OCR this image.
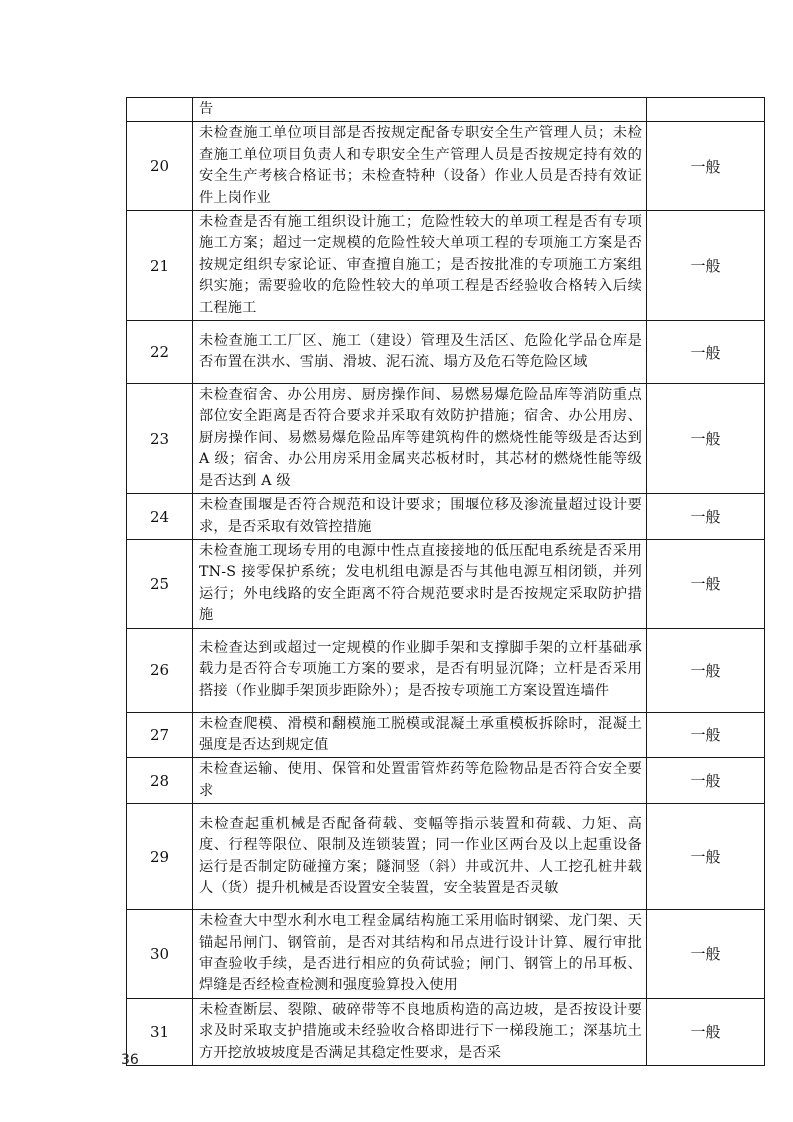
	告	
20	未检查施工单位项目部是否按规定配备专职安全生产管理人员；未检查施工单位项目负责人和专职安全生产管理人员是否按规定持有效的安全生产考核合格证书；未检查特种（设备）作业人员是否持有效证件上岗作业	一般
21	未检查是否有施工组织设计施工；危险性较大的单项工程是否有专项施工方案；超过一定规模的危险性较大单项工程的专项施工方案是否按规定组织专家论证、审查擅自施工；是否按批准的专项施工方案组织实施；需要验收的危险性较大的单项工程是否经验收合格转入后续工程施工	一般
22	未检查施工工厂区、施工（建设）管理及生活区、危险化学品仓库是否布置在洪水、雪崩、滑坡、泥石流、塌方及危石等危险区域	一般
23	未检查宿舍、办公用房、厨房操作间、易燃易爆危险品库等消防重点部位安全距离是否符合要求并采取有效防护措施；宿舍、办公用房、厨房操作间、易燃易爆危险品库等建筑构件的燃烧性能等级是否达到 A 级；宿舍、办公用房采用金属夹芯板材时，其芯材的燃烧性能等级是否达到 A 级	一般
24	未检查围堰是否符合规范和设计要求；围堰位移及渗流量超过设计要求，是否采取有效管控措施	一般
25	未检查施工现场专用的电源中性点直接接地的低压配电系统是否采用 TN-S 接零保护系统；发电机组电源是否与其他电源互相闭锁，并列运行；外电线路的安全距离不符合规范要求时是否按规定采取防护措施	一般
26	未检查达到或超过一定规模的作业脚手架和支撑脚手架的立杆基础承载力是否符合专项施工方案的要求，是否有明显沉降；立杆是否采用搭接（作业脚手架顶步距除外）；是否按专项施工方案设置连墙件	一般
27	未检查爬模、滑模和翻模施工脱模或混凝土承重模板拆除时，混凝土强度是否达到规定值	一般
28	未检查运输、使用、保管和处置雷管炸药等危险物品是否符合安全要求	一般
29	未检查起重机械是否配备荷载、变幅等指示装置和荷载、力矩、高度、行程等限位、限制及连锁装置；同一作业区两台及以上起重设备运行是否制定防碰撞方案；隧洞竖（斜）井或沉井、人工挖孔桩井载人（货）提升机械是否设置安全装置，安全装置是否灵敏	一般
30	未检查大中型水利水电工程金属结构施工采用临时钢梁、龙门架、天锚起吊闸门、钢管前，是否对其结构和吊点进行设计计算、履行审批审查验收手续，是否进行相应的负荷试验；闸门、钢管上的吊耳板、焊缝是否经检查检测和强度验算投入使用	一般
31	未检查断层、裂隙、破碎带等不良地质构造的高边坡，是否按设计要求及时采取支护措施或未经验收合格即进行下一梯段施工；深基坑土方开挖放坡坡度是否满足其稳定性要求，是否采	一般
36
